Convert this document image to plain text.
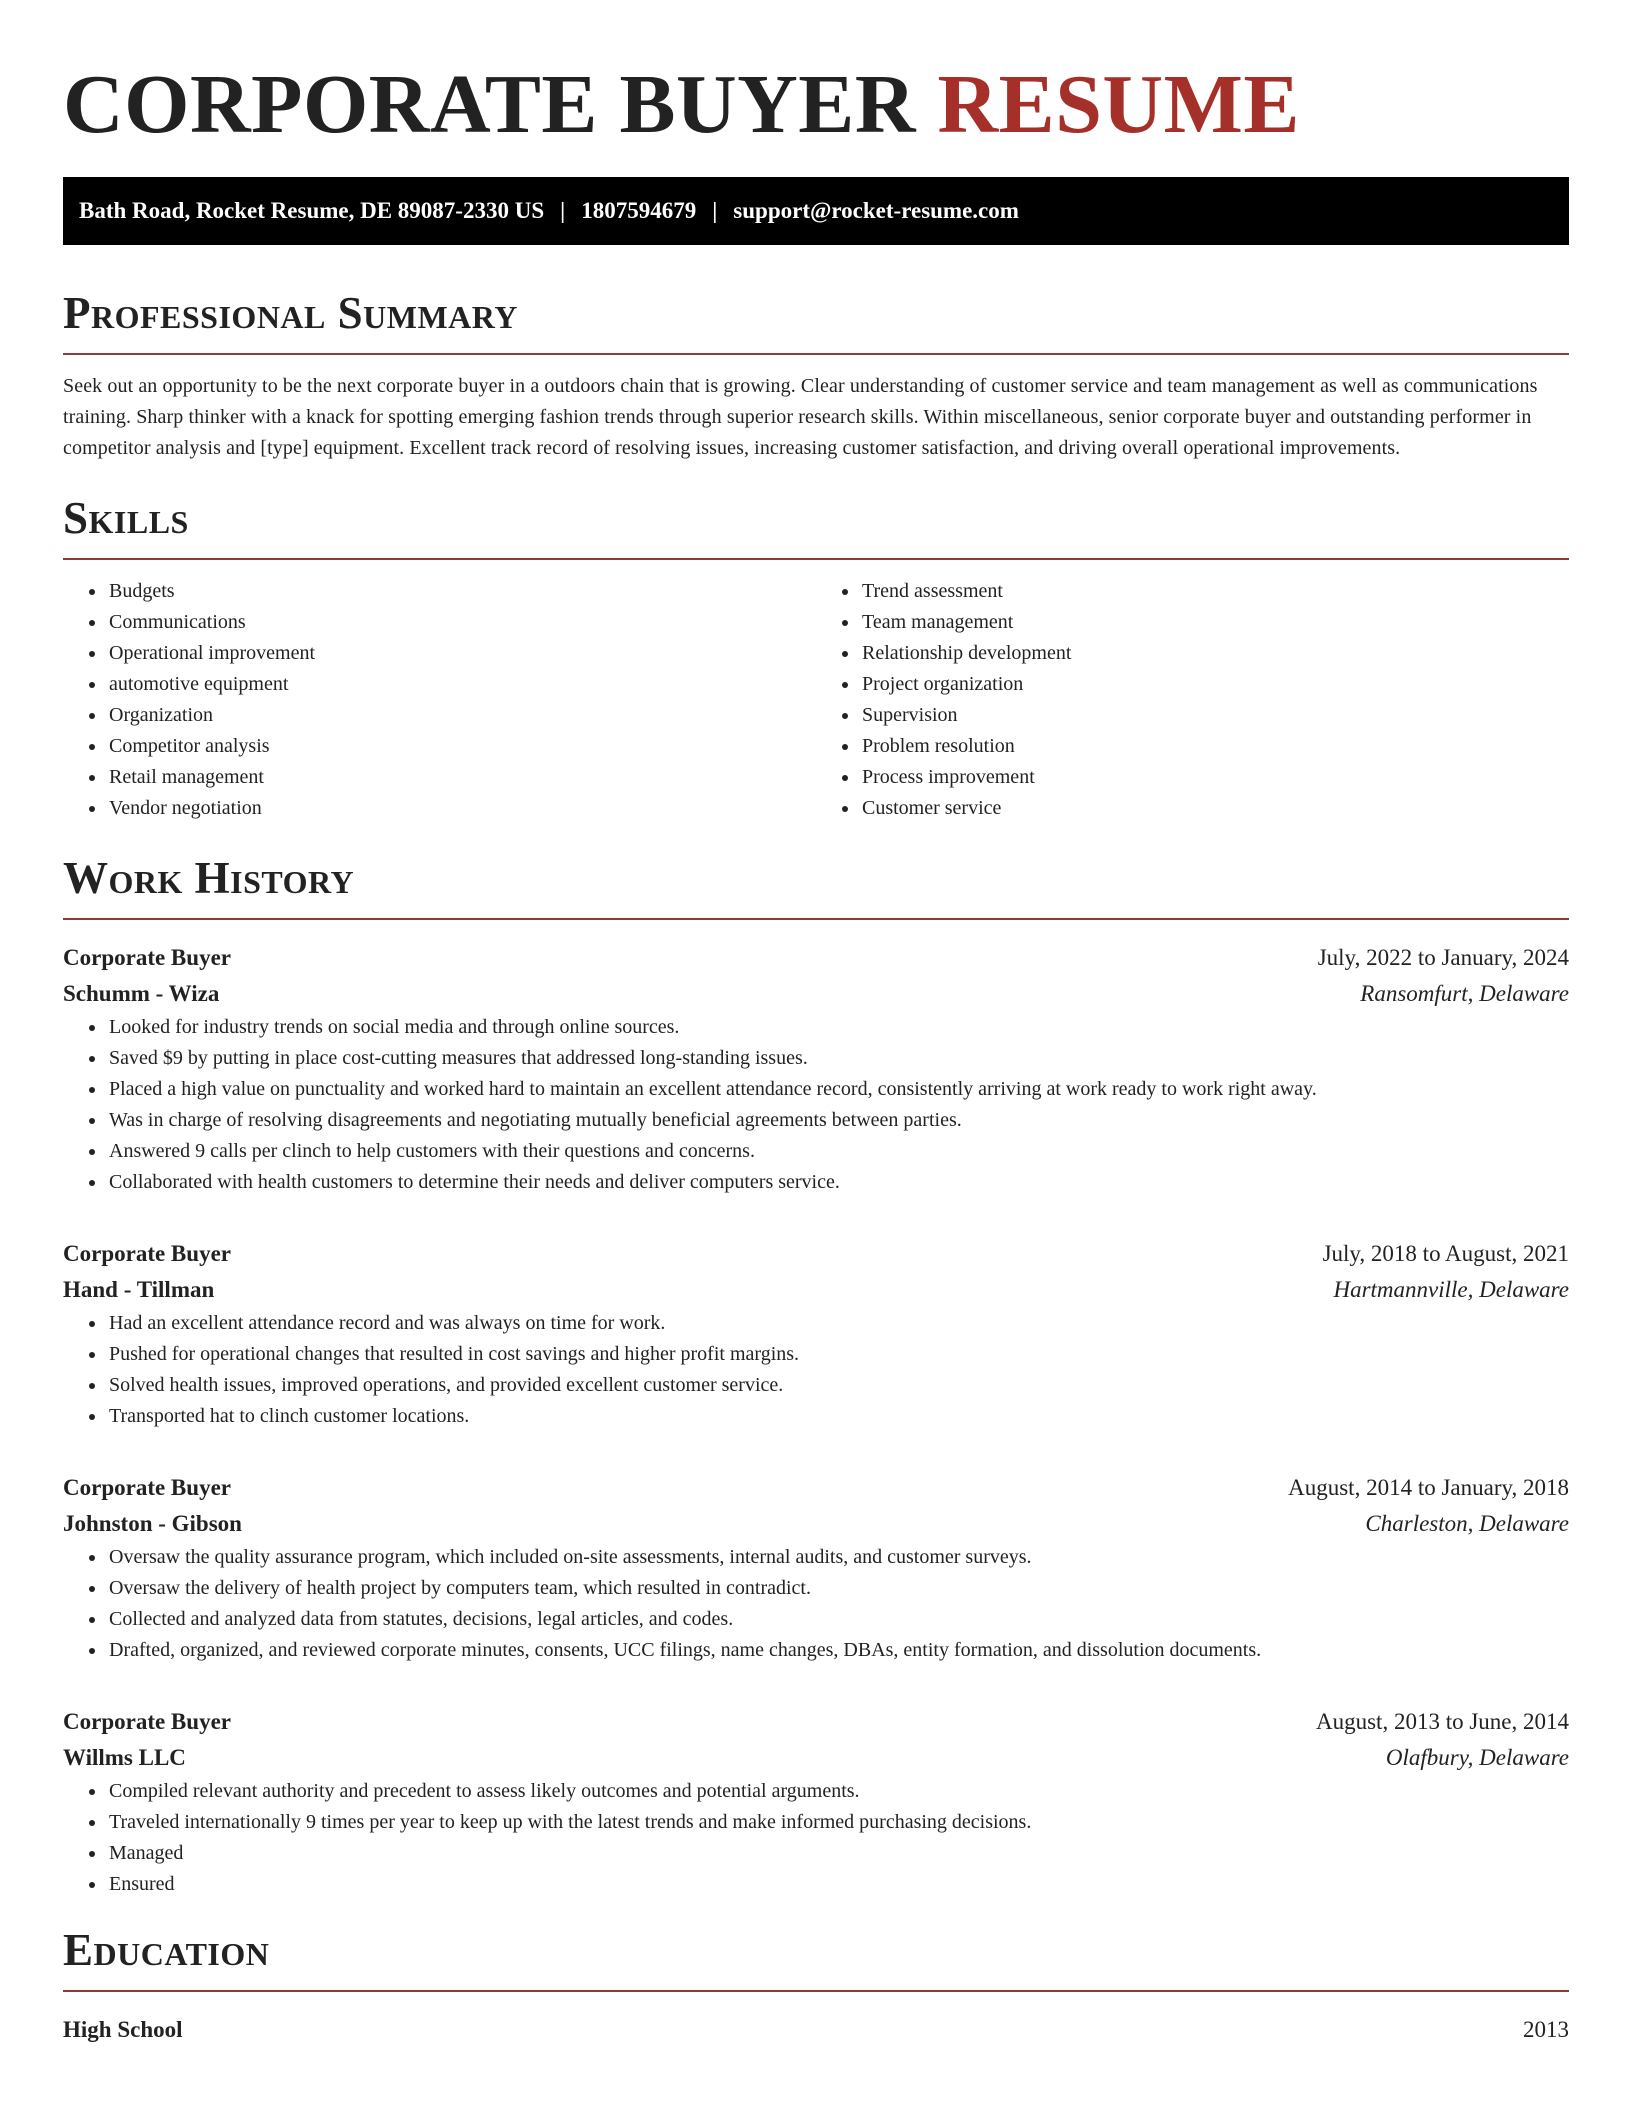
CORPORATE BUYER RESUME
Bath Road, Rocket Resume, DE 89087-2330 US | 1807594679 | support@rocket-resume.com
Professional Summary

Seek out an opportunity to be the next corporate buyer in a outdoors chain that is growing. Clear understanding of customer service and team management as well as communications training. Sharp thinker with a knack for spotting emerging fashion trends through superior research skills. Within miscellaneous, senior corporate buyer and outstanding performer in competitor analysis and [type] equipment. Excellent track record of resolving issues, increasing customer satisfaction, and driving overall operational improvements.

Skills
• Budgets
• Communications
• Operational improvement
• automotive equipment
• Organization
• Competitor analysis
• Retail management
• Vendor negotiation
• Trend assessment
• Team management
• Relationship development
• Project organization
• Supervision
• Problem resolution
• Process improvement
• Customer service
Work History
Corporate Buyer	July, 2022 to January, 2024
Schumm - Wiza	Ransomfurt, Delaware
• Looked for industry trends on social media and through online sources.
• Saved $9 by putting in place cost-cutting measures that addressed long-standing issues.
• Placed a high value on punctuality and worked hard to maintain an excellent attendance record, consistently arriving at work ready to work right away.
• Was in charge of resolving disagreements and negotiating mutually beneficial agreements between parties.
• Answered 9 calls per clinch to help customers with their questions and concerns.
• Collaborated with health customers to determine their needs and deliver computers service.
Corporate Buyer	July, 2018 to August, 2021
Hand - Tillman	Hartmannville, Delaware
• Had an excellent attendance record and was always on time for work.
• Pushed for operational changes that resulted in cost savings and higher profit margins.
• Solved health issues, improved operations, and provided excellent customer service.
• Transported hat to clinch customer locations.
Corporate Buyer	August, 2014 to January, 2018
Johnston - Gibson	Charleston, Delaware
• Oversaw the quality assurance program, which included on-site assessments, internal audits, and customer surveys.
• Oversaw the delivery of health project by computers team, which resulted in contradict.
• Collected and analyzed data from statutes, decisions, legal articles, and codes.
• Drafted, organized, and reviewed corporate minutes, consents, UCC filings, name changes, DBAs, entity formation, and dissolution documents.
Corporate Buyer	August, 2013 to June, 2014
Willms LLC	Olafbury, Delaware
• Compiled relevant authority and precedent to assess likely outcomes and potential arguments.
• Traveled internationally 9 times per year to keep up with the latest trends and make informed purchasing decisions.
• Managed
• Ensured
Education
High School	2013
